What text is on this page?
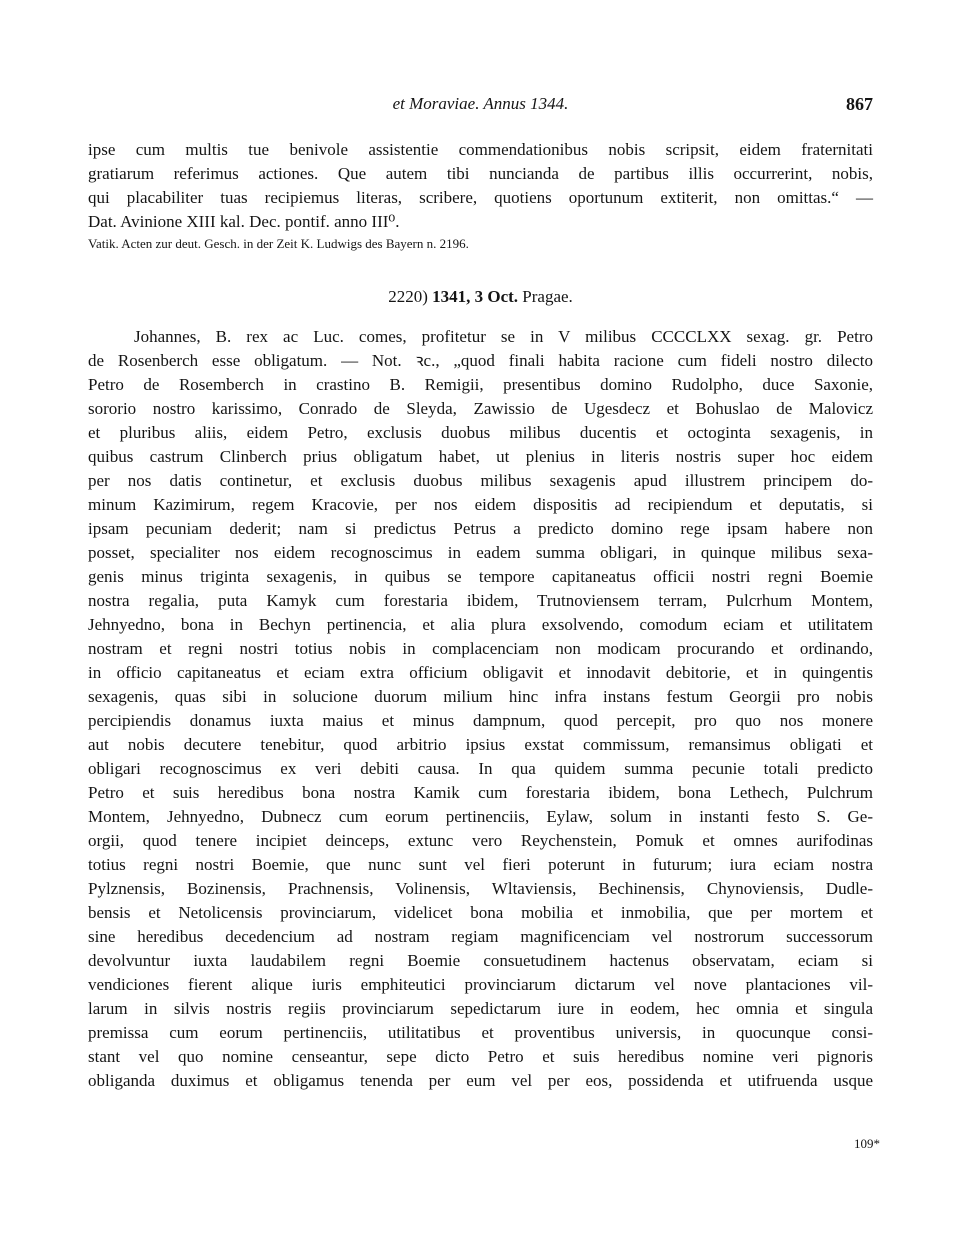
et Moraviae. Annus 1344.	867
ipse cum multis tue benivole assistentie commendationibus nobis scripsit, eidem fraternitati
gratiarum referimus actiones. Que autem tibi nuncianda de partibus illis occurrerint, nobis,
qui placabiliter tuas recipiemus literas, scribere, quotiens oportunum extiterit, non omittas.“ —
Dat. Avinione XIII kal. Dec. pontif. anno III⁰.
Vatik. Acten zur deut. Gesch. in der Zeit K. Ludwigs des Bayern n. 2196.
2220) 1341, 3 Oct. Pragae.
Johannes, B. rex ac Luc. comes, profitetur se in V milibus CCCCLXX sexag. gr. Petro
de Rosenberch esse obligatum. — Not. ꝛc., „quod finali habita racione cum fideli nostro dilecto
Petro de Rosemberch in crastino B. Remigii, presentibus domino Rudolpho, duce Saxonie,
sororio nostro karissimo, Conrado de Sleyda, Zawissio de Ugesdecz et Bohuslao de Malovicz
et pluribus aliis, eidem Petro, exclusis duobus milibus ducentis et octoginta sexagenis, in
quibus castrum Clinberch prius obligatum habet, ut plenius in literis nostris super hoc eidem
per nos datis continetur, et exclusis duobus milibus sexagenis apud illustrem principem do-
minum Kazimirum, regem Kracovie, per nos eidem dispositis ad recipiendum et deputatis, si
ipsam pecuniam dederit; nam si predictus Petrus a predicto domino rege ipsam habere non
posset, specialiter nos eidem recognoscimus in eadem summa obligari, in quinque milibus sexa-
genis minus triginta sexagenis, in quibus se tempore capitaneatus officii nostri regni Boemie
nostra regalia, puta Kamyk cum forestaria ibidem, Trutnoviensem terram, Pulcrhum Montem,
Jehnyedno, bona in Bechyn pertinencia, et alia plura exsolvendo, comodum eciam et utilitatem
nostram et regni nostri totius nobis in complacenciam non modicam procurando et ordinando,
in officio capitaneatus et eciam extra officium obligavit et innodavit debitorie, et in quingentis
sexagenis, quas sibi in solucione duorum milium hinc infra instans festum Georgii pro nobis
percipiendis donamus iuxta maius et minus dampnum, quod percepit, pro quo nos monere
aut nobis decutere tenebitur, quod arbitrio ipsius exstat commissum, remansimus obligati et
obligari recognoscimus ex veri debiti causa. In qua quidem summa pecunie totali predicto
Petro et suis heredibus bona nostra Kamik cum forestaria ibidem, bona Lethech, Pulchrum
Montem, Jehnyedno, Dubnecz cum eorum pertinenciis, Eylaw, solum in instanti festo S. Ge-
orgii, quod tenere incipiet deinceps, extunc vero Reychenstein, Pomuk et omnes aurifodinas
totius regni nostri Boemie, que nunc sunt vel fieri poterunt in futurum; iura eciam nostra
Pylznensis, Bozinensis, Prachnensis, Volinensis, Wltaviensis, Bechinensis, Chynoviensis, Dudle-
bensis et Netolicensis provinciarum, videlicet bona mobilia et inmobilia, que per mortem et
sine heredibus decedencium ad nostram regiam magnificenciam vel nostrorum successorum
devolvuntur iuxta laudabilem regni Boemie consuetudinem hactenus observatam, eciam si
vendiciones fierent alique iuris emphiteutici provinciarum dictarum vel nove plantaciones vil-
larum in silvis nostris regiis provinciarum sepedictarum iure in eodem, hec omnia et singula
premissa cum eorum pertinenciis, utilitatibus et proventibus universis, in quocunque consi-
stant vel quo nomine censeantur, sepe dicto Petro et suis heredibus nomine veri pignoris
obliganda duximus et obligamus tenenda per eum vel per eos, possidenda et utifruenda usque
109*
